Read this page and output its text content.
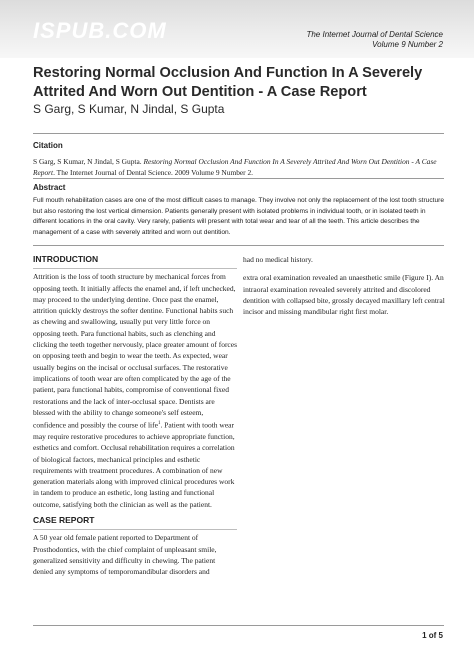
ISPUB.COM	The Internet Journal of Dental Science
Volume 9 Number 2
Restoring Normal Occlusion And Function In A Severely Attrited And Worn Out Dentition - A Case Report
S Garg, S Kumar, N Jindal, S Gupta
Citation
S Garg, S Kumar, N Jindal, S Gupta. Restoring Normal Occlusion And Function In A Severely Attrited And Worn Out Dentition - A Case Report. The Internet Journal of Dental Science. 2009 Volume 9 Number 2.
Abstract
Full mouth rehabilitation cases are one of the most difficult cases to manage. They involve not only the replacement of the lost tooth structure but also restoring the lost vertical dimension. Patients generally present with isolated problems in individual tooth, or in isolated teeth in different locations in the oral cavity. Very rarely, patients will present with total wear and tear of all the teeth. This article describes the management of a case with severely attrited and worn out dentition.
INTRODUCTION

Attrition is the loss of tooth structure by mechanical forces from opposing teeth. It initially affects the enamel and, if left unchecked, may proceed to the underlying dentine. Once past the enamel, attrition quickly destroys the softer dentine. Functional habits such as chewing and swallowing, usually put very little force on opposing teeth. Para functional habits, such as clenching and clicking the teeth together nervously, place greater amount of forces on opposing teeth and begin to wear the teeth. As expected, wear usually begins on the incisal or occlusal surfaces. The restorative implications of tooth wear are often complicated by the age of the patient, para functional habits, compromise of conventional fixed restorations and the lack of inter-occlusal space. Dentists are blessed with the ability to change someone's self esteem, confidence and possibly the course of life$^1$. Patient with tooth wear may require restorative procedures to achieve appropriate function, esthetics and comfort. Occlusal rehabilitation requires a correlation of biological factors, mechanical principles and esthetic requirements with treatment procedures. A combination of new generation materials along with improved clinical procedures work in tandem to produce an esthetic, long lasting and functional outcome, satisfying both the clinician as well as the patient.

CASE REPORT

A 50 year old female patient reported to Department of Prosthodontics, with the chief complaint of unpleasant smile, generalized sensitivity and difficulty in chewing. The patient denied any symptoms of temporomandibular disorders and

had no medical history.

extra oral examination revealed an unaesthetic smile (Figure I). An intraoral examination revealed severely attrited and discolored dentition with collapsed bite, grossly decayed maxillary left central incisor and missing mandibular right first molar.

1 of 5
